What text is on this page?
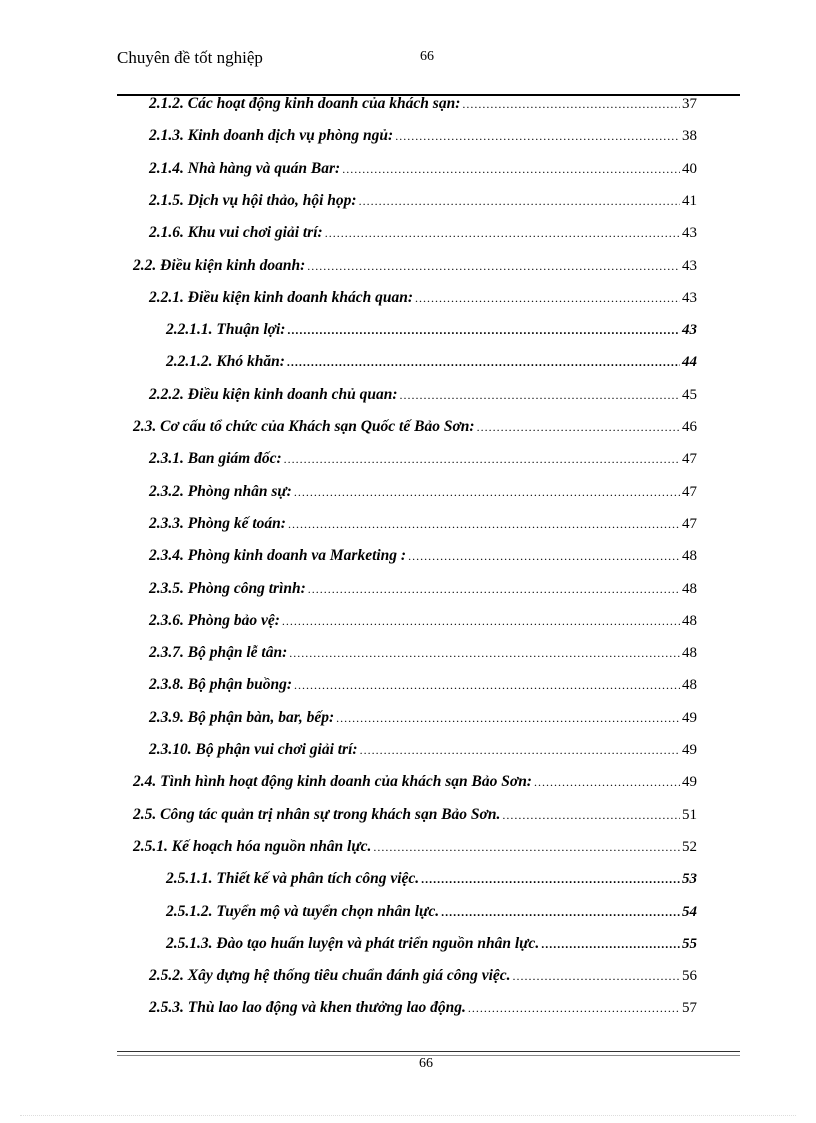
Chuyên đề tốt nghiệp	66
2.1.2. Các hoạt động kinh doanh của khách sạn: .....	37
2.1.3. Kinh doanh dịch vụ phòng ngủ: .....	38
2.1.4. Nhà hàng và quán Bar: .....	40
2.1.5. Dịch vụ hội thảo, hội họp: .....	41
2.1.6. Khu vui chơi giải trí: .....	43
2.2. Điều kiện kinh doanh: .....	43
2.2.1. Điều kiện kinh doanh khách quan: .....	43
2.2.1.1. Thuận lợi: .....	43
2.2.1.2. Khó khăn: .....	44
2.2.2. Điều kiện kinh doanh chủ quan: .....	45
2.3. Cơ cấu tổ chức của Khách sạn Quốc tế Bảo Sơn: .....	46
2.3.1. Ban giám đốc: .....	47
2.3.2. Phòng nhân sự: .....	47
2.3.3. Phòng kế toán: .....	47
2.3.4. Phòng kinh doanh va Marketing : .....	48
2.3.5. Phòng công trình: .....	48
2.3.6. Phòng bảo vệ: .....	48
2.3.7. Bộ phận lễ tân: .....	48
2.3.8. Bộ phận buồng: .....	48
2.3.9. Bộ phận bàn, bar, bếp: .....	49
2.3.10. Bộ phận vui chơi giải trí: .....	49
2.4. Tình hình hoạt động kinh doanh của khách sạn Bảo Sơn: .....	49
2.5. Công tác quản trị nhân sự trong khách sạn Bảo Sơn. .....	51
2.5.1. Kế hoạch hóa nguồn nhân lực. .....	52
2.5.1.1. Thiết kế và phân tích công việc. .....	53
2.5.1.2. Tuyển mộ và tuyển chọn nhân lực. .....	54
2.5.1.3. Đào tạo huấn luyện và phát triển nguồn nhân lực. .....	55
2.5.2. Xây dựng hệ thống tiêu chuẩn đánh giá công việc. .....	56
2.5.3. Thù lao lao động và khen thưởng lao động. .....	57
66
